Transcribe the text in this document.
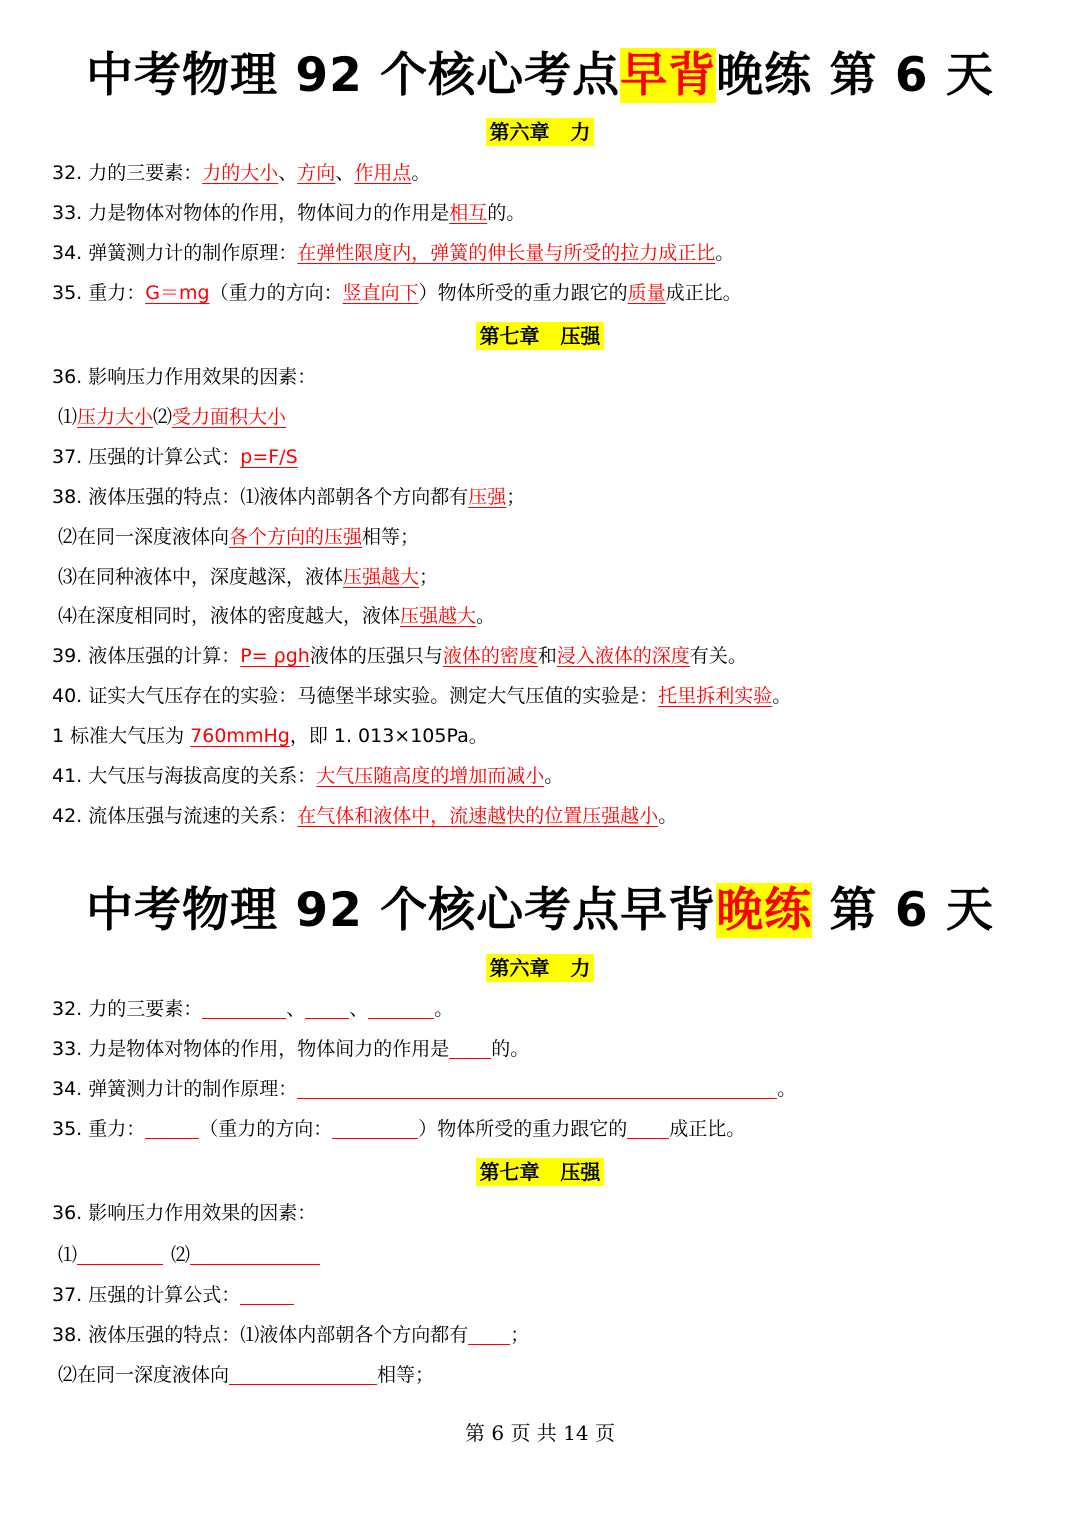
中考物理 92 个核心考点早背晚练 第 6 天
第六章   力
32. 力的三要素：力的大小、方向、作用点。
33. 力是物体对物体的作用，物体间力的作用是相互的。
34. 弹簧测力计的制作原理：在弹性限度内，弹簧的伸长量与所受的拉力成正比。
35. 重力：G＝mg（重力的方向：竖直向下）物体所受的重力跟它的质量成正比。
第七章   压强
36. 影响压力作用效果的因素：
⑴压力大小⑵受力面积大小
37. 压强的计算公式：p=F/S
38. 液体压强的特点：⑴液体内部朝各个方向都有压强；
⑵在同一深度液体向各个方向的压强相等；
⑶在同种液体中，深度越深，液体压强越大；
⑷在深度相同时，液体的密度越大，液体压强越大。
39. 液体压强的计算：P= ρgh液体的压强只与液体的密度和浸入液体的深度有关。
40. 证实大气压存在的实验：马德堡半球实验。测定大气压值的实验是：托里拆利实验。
1 标准大气压为 760mmHg，即 1. 013×105Pa。
41. 大气压与海拔高度的关系：大气压随高度的增加而减小。
42. 流体压强与流速的关系：在气体和液体中，流速越快的位置压强越小。
中考物理 92 个核心考点早背晚练 第 6 天
第六章   力
32. 力的三要素：	、 、	。
33. 力是物体对物体的作用，物体间力的作用是 的。
34. 弹簧测力计的制作原理：	。
35. 重力：	（重力的方向：	）物体所受的重力跟它的 成正比。
第七章   压强
36. 影响压力作用效果的因素：
⑴	⑵
37. 压强的计算公式：
38. 液体压强的特点：⑴液体内部朝各个方向都有 ；
⑵在同一深度液体向	相等；
第 6 页 共 14 页
